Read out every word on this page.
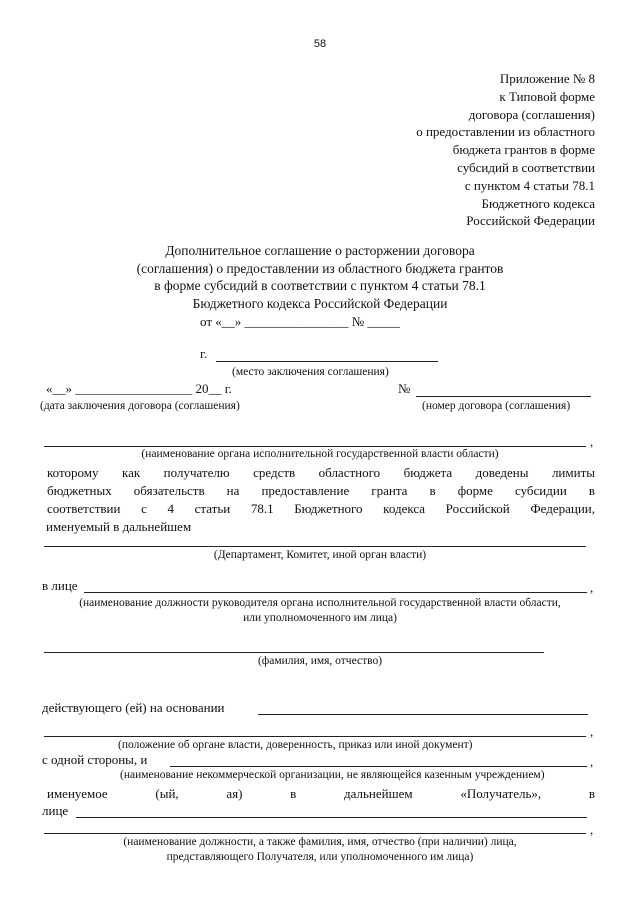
58
Приложение № 8
к Типовой форме
договора (соглашения)
о предоставлении из областного
бюджета грантов в форме
субсидий в соответствии
с пунктом 4 статьи 78.1
Бюджетного кодекса
Российской Федерации
Дополнительное соглашение о расторжении договора
(соглашения) о предоставлении из областного бюджета грантов
в форме субсидий в соответствии с пунктом 4 статьи 78.1
Бюджетного кодекса Российской Федерации
от «__» ________________ № _____
г.
(место заключения соглашения)
«__» __________________ 20__ г.	№
(дата заключения договора (соглашения)	(номер договора (соглашения)
,
(наименование органа исполнительной государственной власти области)
которому как получателю средств областного бюджета доведены лимиты
бюджетных обязательств на предоставление гранта в форме субсидии в
соответствии с 4 статьи 78.1 Бюджетного кодекса Российской Федерации,
именуемый в дальнейшем
(Департамент, Комитет, иной орган власти)
в лице	,
(наименование должности руководителя органа исполнительной государственной власти области,
или уполномоченного им лица)
(фамилия, имя, отчество)
действующего (ей) на основании
,
(положение об органе власти, доверенность, приказ или иной документ)
с одной стороны, и	,
(наименование некоммерческой организации, не являющейся казенным учреждением)
именуемое (ый, ая) в дальнейшем «Получатель», в
лице
,
(наименование должности, а также фамилия, имя, отчество (при наличии) лица,
представляющего Получателя, или уполномоченного им лица)
